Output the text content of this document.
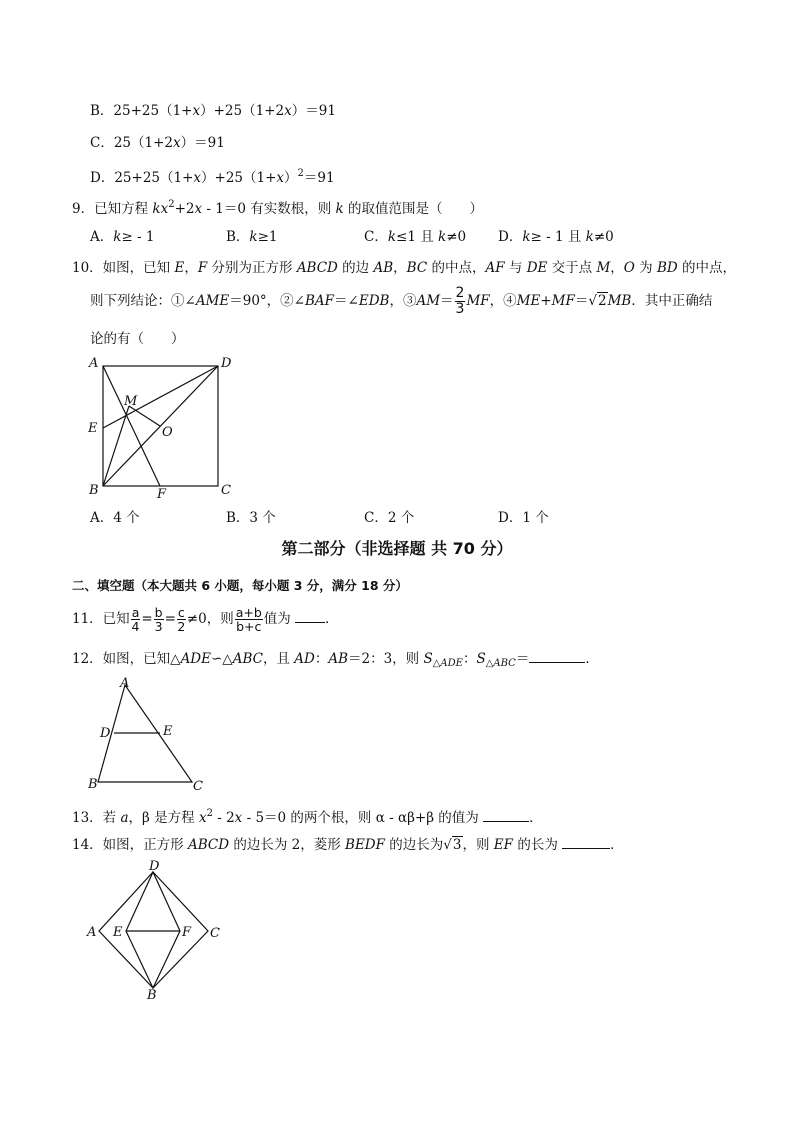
B．25+25（1+x）+25（1+2x）＝91
C．25（1+2x）＝91
D．$25+25(1+x)+25(1+x)^2=91$
9．已知方程 $kx^2+2x - 1=0$ 有实数根，则 k 的取值范围是（　　）
A．k≥ - 1	B．k≥1	C．k≤1 且 k≠0 D．k≥ - 1 且 k≠0
10．如图，已知 E，F 分别为正方形 ABCD 的边 AB，BC 的中点，AF 与 DE 交于点 M，O 为 BD 的中点，
则下列结论：①∠AME＝90°，②∠BAF＝∠EDB，③AM＝ $\frac{2}{3}$ MF，④ME+MF＝√2MB．其中正确结
论的有（　　）
A	D
M
E	O
B	F	C
A．4 个	B．3 个	C．2 个	D．1 个
第二部分（非选择题 共 70 分）
二、填空题（本大题共 6 小题，每小题 3 分，满分 18 分）
11．已知 $\frac{a}{4} = \frac{b}{3} = \frac{c}{2} \ne 0$，则 $\frac{a+b}{b+c}$ 值为 ．
12．如图，已知△ADE∽△ABC，且 AD：AB＝2：3，则 $S_{\triangle ADE}$：$S_{\triangle ABC}=$	．
A
D	E
B	C
13．若 a，β 是方程 $x^2 - 2x - 5=0$ 的两个根，则 α - αβ+β 的值为	．
14．如图，正方形 ABCD 的边长为 2，菱形 BEDF 的边长为√3，则 EF 的长为	．
D
A E	F C
B
